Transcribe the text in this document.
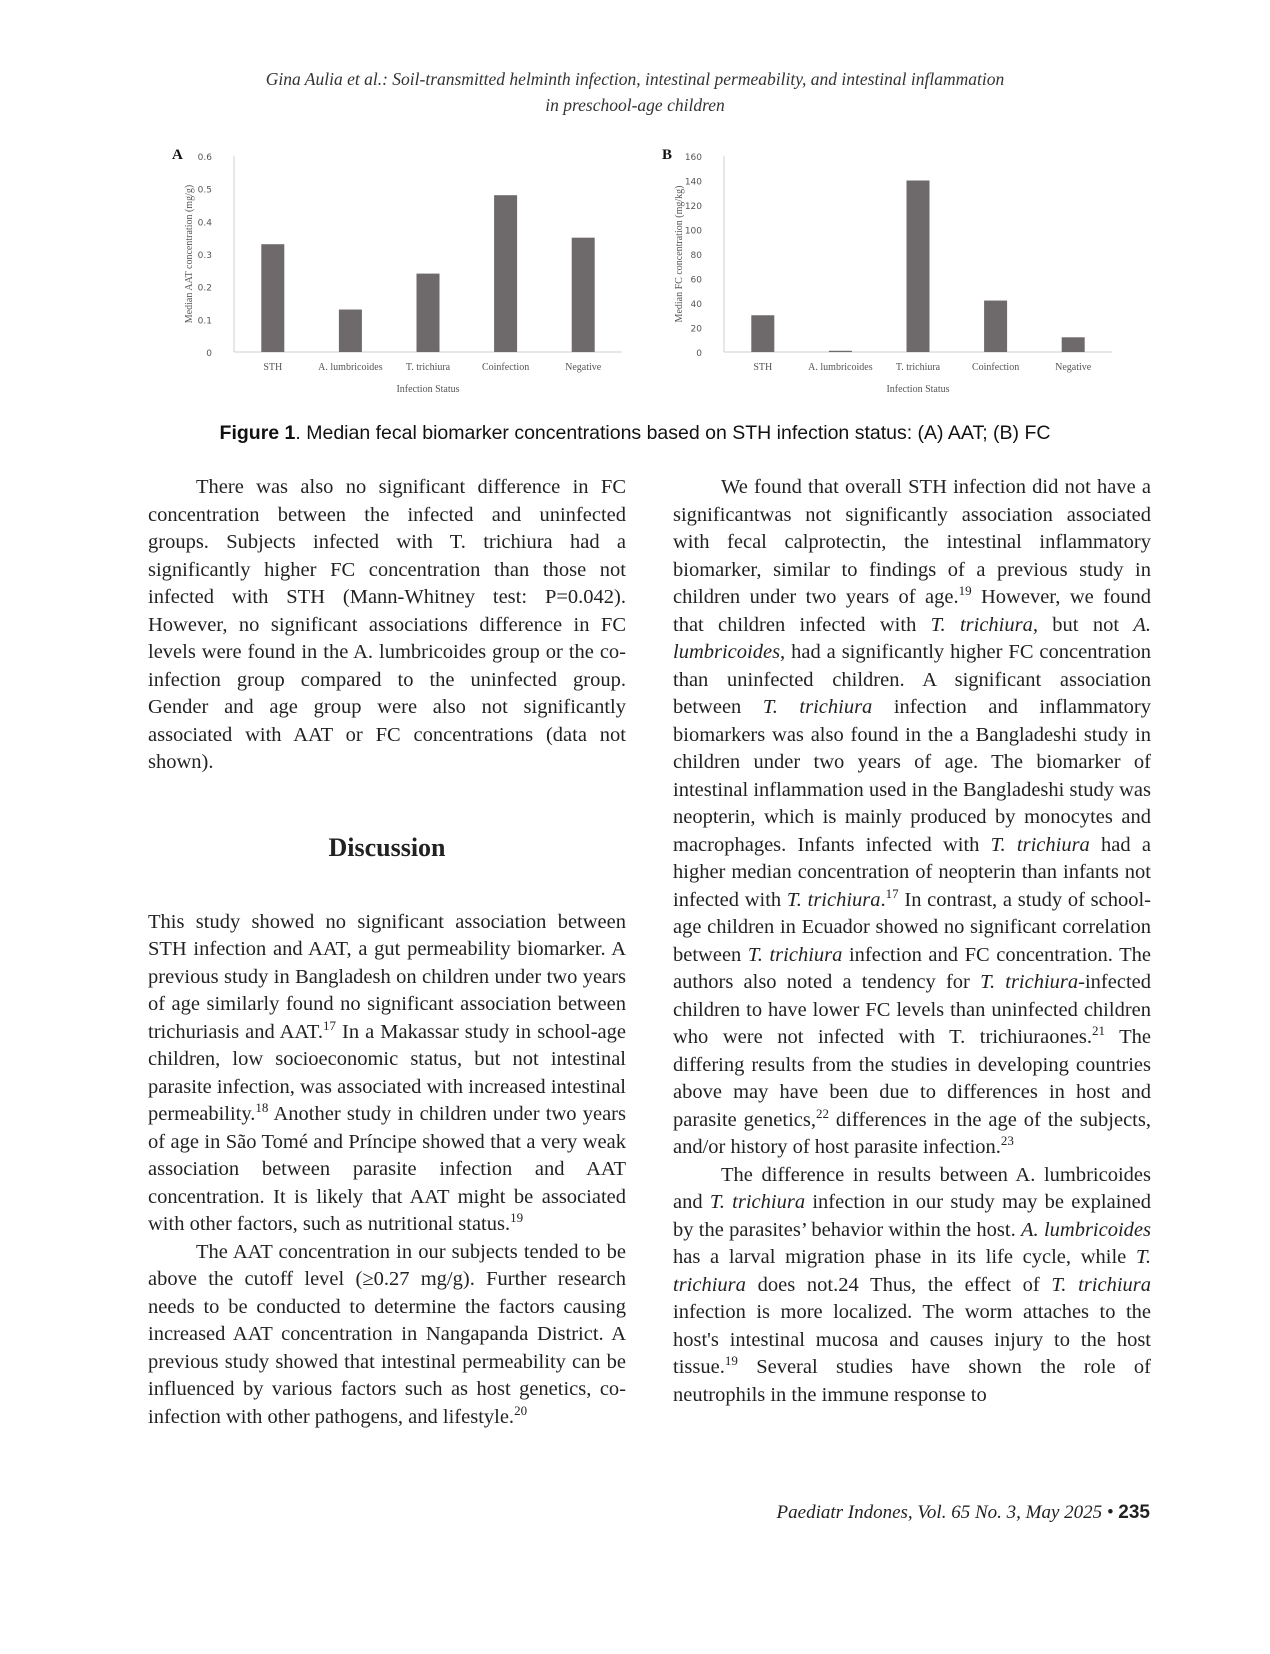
Gina Aulia et al.: Soil-transmitted helminth infection, intestinal permeability, and intestinal inflammation
in preschool-age children
A
0
0.1
0.2
0.3
0.4
0.5
0.6
Median AAT concentration (mg/g)
STH	A. lumbricoides T. trichiura	Coinfection	Negative
Infection Status
B
0
20
40
60
80
100
120
140
160
Median FC concentration (mg/kg)
STH	A. lumbricoides T. trichiura	Coinfection	Negative
Infection Status
Figure 1. Median fecal biomarker concentrations based on STH infection status: (A) AAT; (B) FC

There was also no significant difference in FC concentration between the infected and uninfected groups. Subjects infected with T. trichiura had a significantly higher FC concentration than those not infected with STH (Mann-Whitney test: P=0.042). However, no significant associations difference in FC levels were found in the A. lumbricoides group or the co-infection group compared to the uninfected group. Gender and age group were also not significantly associated with AAT or FC concentrations (data not shown).

Discussion

This study showed no significant association between STH infection and AAT, a gut permeability biomarker. A previous study in Bangladesh on children under two years of age similarly found no significant association between trichuriasis and AAT.$^{17}$ In a Makassar study in school-age children, low socioeconomic status, but not intestinal parasite infection, was associated with increased intestinal permeability.$^{18}$ Another study in children under two years of age in São Tomé and Príncipe showed that a very weak association between parasite infection and AAT concentration. It is likely that AAT might be associated with other factors, such as nutritional status.$^{19}$

The AAT concentration in our subjects tended to be above the cutoff level (≥0.27 mg/g). Further research needs to be conducted to determine the factors causing increased AAT concentration in Nangapanda District. A previous study showed that intestinal permeability can be influenced by various factors such as host genetics, co-infection with other pathogens, and lifestyle.$^{20}$

We found that overall STH infection did not have a significantwas not significantly association associated with fecal calprotectin, the intestinal inflammatory biomarker, similar to findings of a previous study in children under two years of age.$^{19}$ However, we found that children infected with T. trichiura, but not A. lumbricoides, had a significantly higher FC concentration than uninfected children. A significant association between T. trichiura infection and inflammatory biomarkers was also found in the a Bangladeshi study in children under two years of age. The biomarker of intestinal inflammation used in the Bangladeshi study was neopterin, which is mainly produced by monocytes and macrophages. Infants infected with T. trichiura had a higher median concentration of neopterin than infants not infected with T. trichiura.$^{17}$ In contrast, a study of school-age children in Ecuador showed no significant correlation between T. trichiura infection and FC concentration. The authors also noted a tendency for T. trichiura-infected children to have lower FC levels than uninfected children who were not infected with T. trichiuraones.$^{21}$ The differing results from the studies in developing countries above may have been due to differences in host and parasite genetics,$^{22}$ differences in the age of the subjects, and/or history of host parasite infection.$^{23}$

The difference in results between A. lumbricoides and T. trichiura infection in our study may be explained by the parasites’ behavior within the host. A. lumbricoides has a larval migration phase in its life cycle, while T. trichiura does not.24 Thus, the effect of T. trichiura infection is more localized. The worm attaches to the host's intestinal mucosa and causes injury to the host tissue.$^{19}$ Several studies have shown the role of neutrophils in the immune response to

Paediatr Indones, Vol. 65 No. 3, May 2025 • 235
